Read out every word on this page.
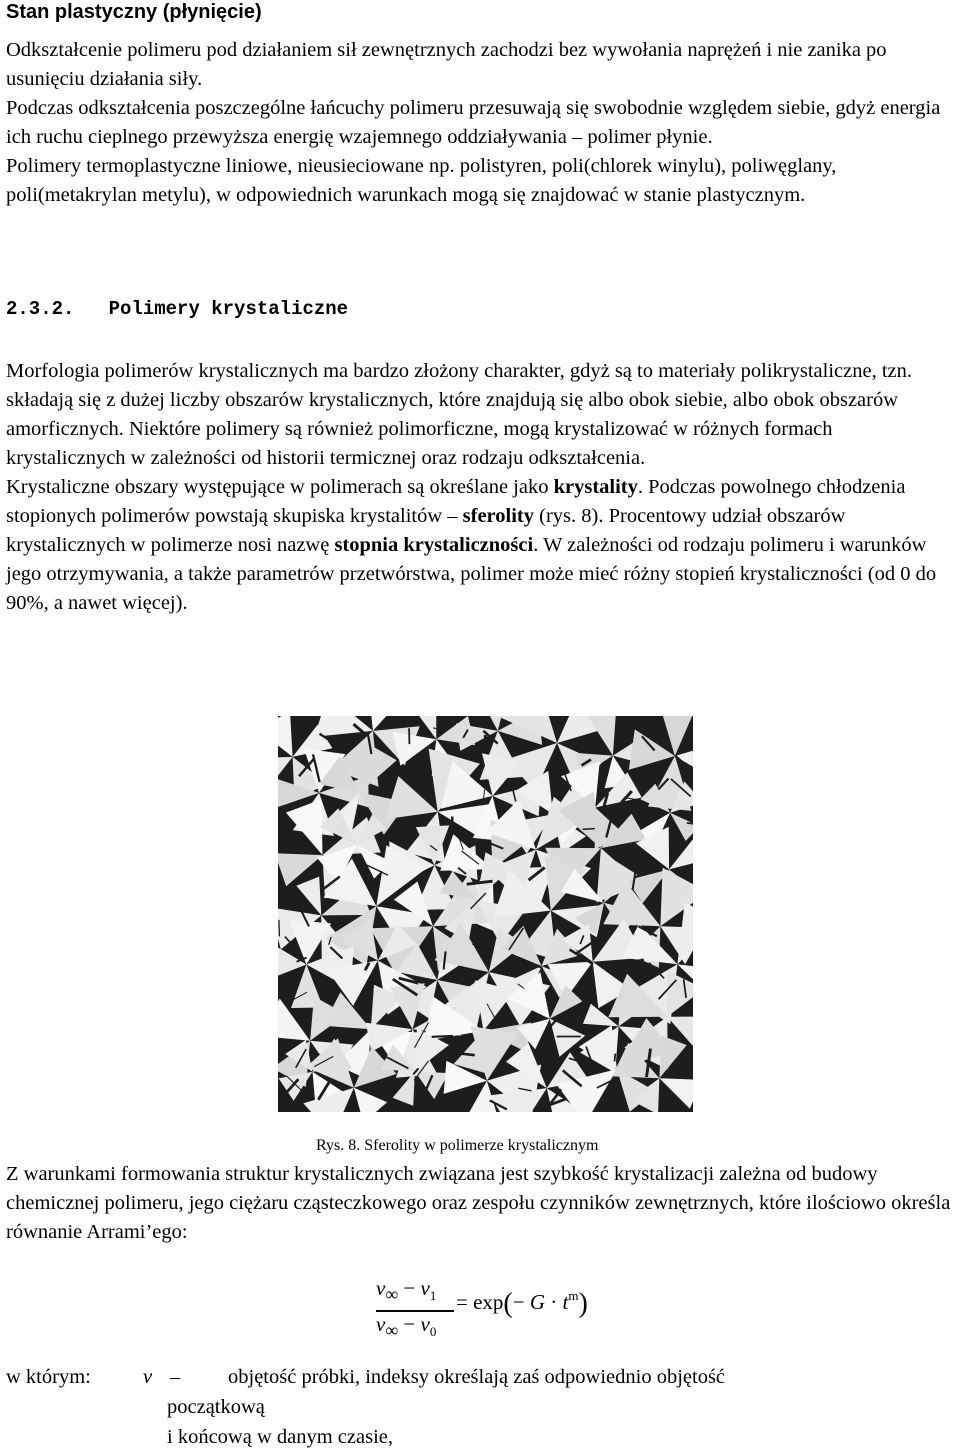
Stan plastyczny (płynięcie)

Odkształcenie polimeru pod działaniem sił zewnętrznych zachodzi bez wywołania naprężeń i nie zanika po usunięciu działania siły.

Podczas odkształcenia poszczególne łańcuchy polimeru przesuwają się swobodnie względem siebie, gdyż energia ich ruchu cieplnego przewyższa energię wzajemnego oddziaływania – polimer płynie.

Polimery termoplastyczne liniowe, nieusieciowane np. polistyren, poli(chlorek winylu), poliwęglany, poli(metakrylan metylu), w odpowiednich warunkach mogą się znajdować w stanie plastycznym.

2.3.2. Polimery krystaliczne

Morfologia polimerów krystalicznych ma bardzo złożony charakter, gdyż są to materiały polikrystaliczne, tzn. składają się z dużej liczby obszarów krystalicznych, które znajdują się albo obok siebie, albo obok obszarów amorficznych. Niektóre polimery są również polimorficzne, mogą krystalizować w różnych formach krystalicznych w zależności od historii termicznej oraz rodzaju odkształcenia.

Krystaliczne obszary występujące w polimerach są określane jako krystality. Podczas powolnego chłodzenia stopionych polimerów powstają skupiska krystalitów – sferolity (rys. 8). Procentowy udział obszarów krystalicznych w polimerze nosi nazwę stopnia krystaliczności. W zależności od rodzaju polimeru i warunków jego otrzymywania, a także parametrów przetwórstwa, polimer może mieć różny stopień krystaliczności (od 0 do 90%, a nawet więcej).

Rys. 8. Sferolity w polimerze krystalicznym

Z warunkami formowania struktur krystalicznych związana jest szybkość krystalizacji zależna od budowy chemicznej polimeru, jego ciężaru cząsteczkowego oraz zespołu czynników zewnętrznych, które ilościowo określa równanie Arrami’ego:

$v\infty - v_1$
$v\infty - v_0$
= $\exp(- G \cdot t^m)$
w którym:	v – objętość próbki, indeksy określają zaś odpowiednio objętość
początkową
i końcową w danym czasie,
